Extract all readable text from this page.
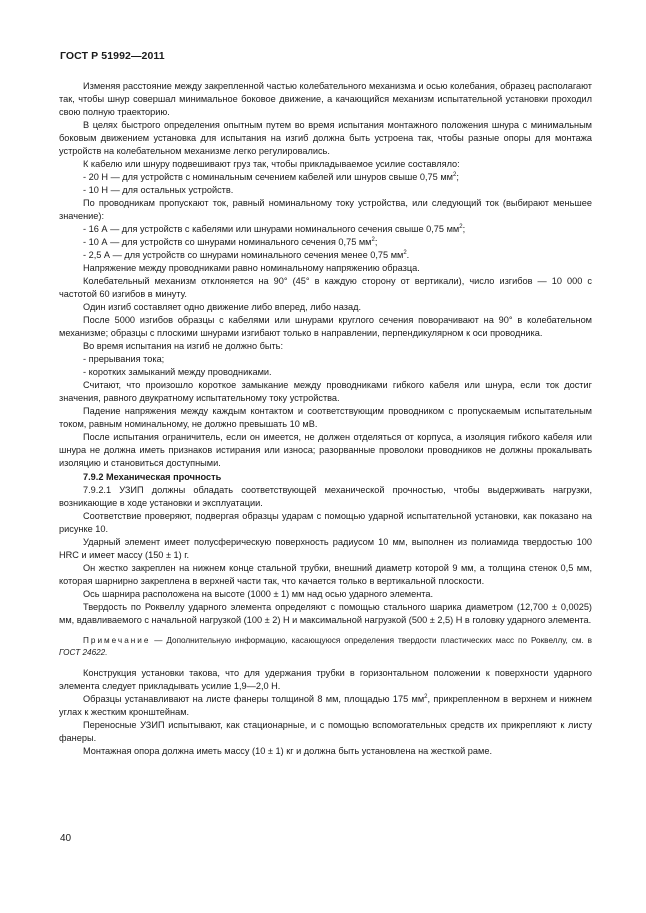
ГОСТ Р 51992—2011

Изменяя расстояние между закрепленной частью колебательного механизма и осью колебания, образец располагают так, чтобы шнур совершал минимальное боковое движение, а качающийся механизм испытательной установки проходил свою полную траекторию.

В целях быстрого определения опытным путем во время испытания монтажного положения шнура с минимальным боковым движением установка для испытания на изгиб должна быть устроена так, чтобы разные опоры для монтажа устройств на колебательном механизме легко регулировались.

К кабелю или шнуру подвешивают груз так, чтобы прикладываемое усилие составляло:

- 20 Н — для устройств с номинальным сечением кабелей или шнуров свыше 0,75 $мм^2$;

- 10 Н — для остальных устройств.

По проводникам пропускают ток, равный номинальному току устройства, или следующий ток (выбирают меньшее значение):

- 16 А — для устройств с кабелями или шнурами номинального сечения свыше 0,75 $мм^2$;

- 10 А — для устройств со шнурами номинального сечения 0,75 $мм^2$;

- 2,5 А — для устройств со шнурами номинального сечения менее 0,75 $мм^2$.

Напряжение между проводниками равно номинальному напряжению образца.

Колебательный механизм отклоняется на 90° (45° в каждую сторону от вертикали), число изгибов — 10 000 с частотой 60 изгибов в минуту.

Один изгиб составляет одно движение либо вперед, либо назад.

После 5000 изгибов образцы с кабелями или шнурами круглого сечения поворачивают на 90° в колебательном механизме; образцы с плоскими шнурами изгибают только в направлении, перпендикулярном к оси проводника.

Во время испытания на изгиб не должно быть:

- прерывания тока;

- коротких замыканий между проводниками.

Считают, что произошло короткое замыкание между проводниками гибкого кабеля или шнура, если ток достиг значения, равного двукратному испытательному току устройства.

Падение напряжения между каждым контактом и соответствующим проводником с пропускаемым испытательным током, равным номинальному, не должно превышать 10 мВ.

После испытания ограничитель, если он имеется, не должен отделяться от корпуса, а изоляция гибкого кабеля или шнура не должна иметь признаков истирания или износа; разорванные проволоки проводников не должны прокалывать изоляцию и становиться доступными.

7.9.2 Механическая прочность

7.9.2.1 УЗИП должны обладать соответствующей механической прочностью, чтобы выдерживать нагрузки, возникающие в ходе установки и эксплуатации.

Соответствие проверяют, подвергая образцы ударам с помощью ударной испытательной установки, как показано на рисунке 10.

Ударный элемент имеет полусферическую поверхность радиусом 10 мм, выполнен из полиамида твердостью 100 HRC и имеет массу (150 ± 1) г.

Он жестко закреплен на нижнем конце стальной трубки, внешний диаметр которой 9 мм, а толщина стенок 0,5 мм, которая шарнирно закреплена в верхней части так, что качается только в вертикальной плоскости.

Ось шарнира расположена на высоте (1000 ± 1) мм над осью ударного элемента.

Твердость по Роквеллу ударного элемента определяют с помощью стального шарика диаметром (12,700 ± 0,0025) мм, вдавливаемого с начальной нагрузкой (100 ± 2) Н и максимальной нагрузкой (500 ± 2,5) Н в головку ударного элемента.

Примечание — Дополнительную информацию, касающуюся определения твердости пластических масс по Роквеллу, см. в ГОСТ 24622.

Конструкция установки такова, что для удержания трубки в горизонтальном положении к поверхности ударного элемента следует прикладывать усилие 1,9—2,0 Н.

Образцы устанавливают на листе фанеры толщиной 8 мм, площадью 175 $мм^2$, прикрепленном в верхнем и нижнем углах к жестким кронштейнам.

Переносные УЗИП испытывают, как стационарные, и с помощью вспомогательных средств их прикрепляют к листу фанеры.

Монтажная опора должна иметь массу (10 ± 1) кг и должна быть установлена на жесткой раме.

40
